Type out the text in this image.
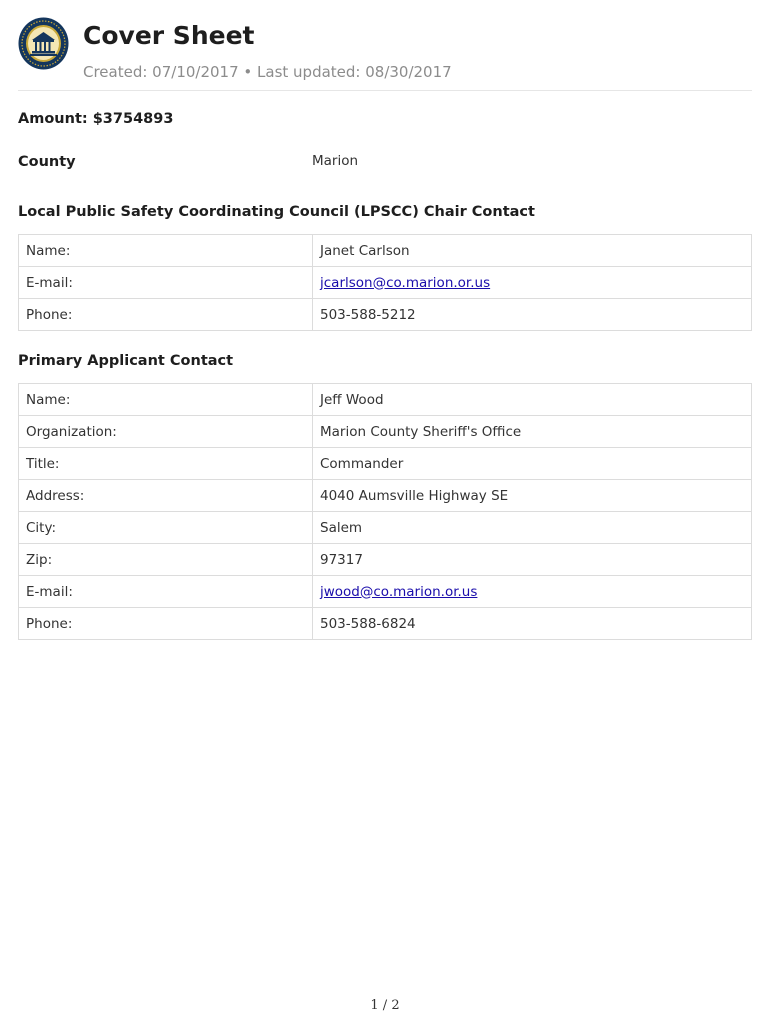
Cover Sheet
Created: 07/10/2017 • Last updated: 08/30/2017
Amount: $3754893
County	Marion
Local Public Safety Coordinating Council (LPSCC) Chair Contact
Name:	Janet Carlson
E-mail:	jcarlson@co.marion.or.us
Phone:	503-588-5212
Primary Applicant Contact
Name:	Jeff Wood
Organization:	Marion County Sheriff's Office
Title:	Commander
Address:	4040 Aumsville Highway SE
City:	Salem
Zip:	97317
E-mail:	jwood@co.marion.or.us
Phone:	503-588-6824
1 / 2
